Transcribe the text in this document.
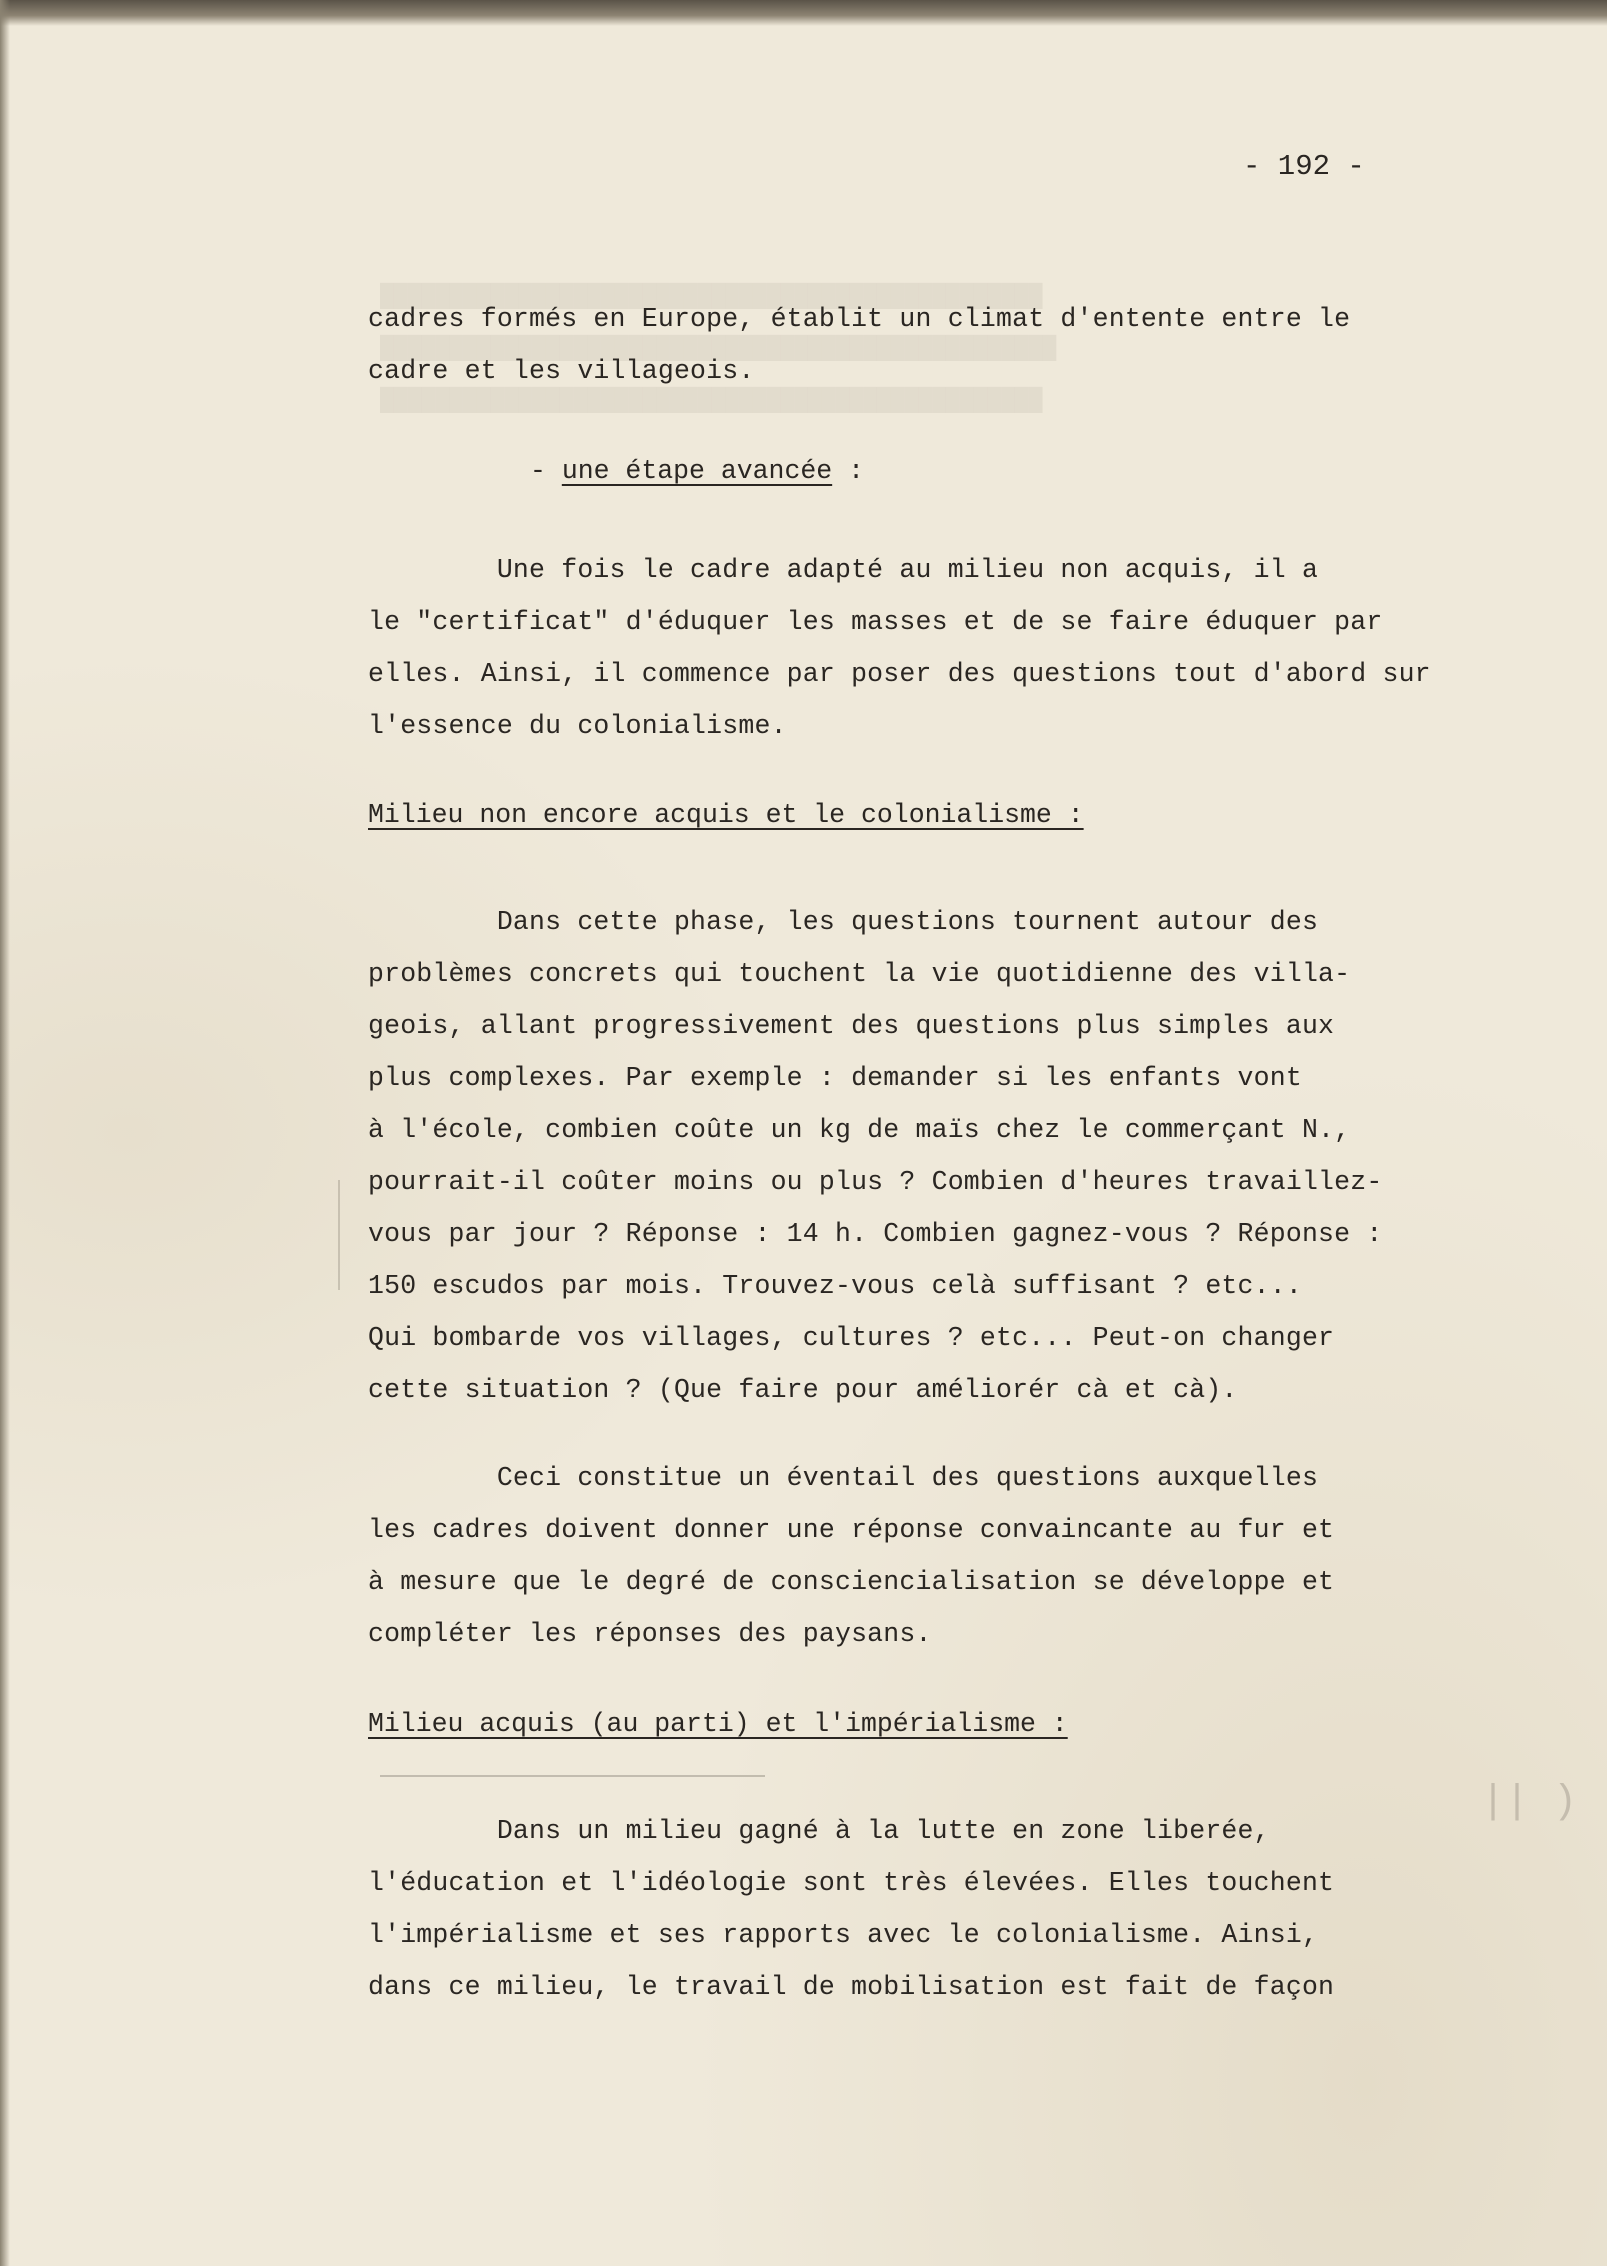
████████████████████████████████████████████████
█████████████████████████████████████████████████
████████████████████████████████████████████████
|| )
- 192 -
cadres formés en Europe, établit un climat d'entente entre le
cadre et les villageois.
- une étape avancée :
Une fois le cadre adapté au milieu non acquis, il a
le "certificat" d'éduquer les masses et de se faire éduquer par
elles. Ainsi, il commence par poser des questions tout d'abord sur
l'essence du colonialisme.
Milieu non encore acquis et le colonialisme :
Dans cette phase, les questions tournent autour des
problèmes concrets qui touchent la vie quotidienne des villa-
geois, allant progressivement des questions plus simples aux
plus complexes. Par exemple : demander si les enfants vont
à l'école, combien coûte un kg de maïs chez le commerçant N.,
pourrait-il coûter moins ou plus ? Combien d'heures travaillez-
vous par jour ? Réponse : 14 h. Combien gagnez-vous ? Réponse :
150 escudos par mois. Trouvez-vous celà suffisant ? etc...
Qui bombarde vos villages, cultures ? etc... Peut-on changer
cette situation ? (Que faire pour améliorér cà et cà).
Ceci constitue un éventail des questions auxquelles
les cadres doivent donner une réponse convaincante au fur et
à mesure que le degré de consciencialisation se développe et
compléter les réponses des paysans.
Milieu acquis (au parti) et l'impérialisme :
Dans un milieu gagné à la lutte en zone liberée,
l'éducation et l'idéologie sont très élevées. Elles touchent
l'impérialisme et ses rapports avec le colonialisme. Ainsi,
dans ce milieu, le travail de mobilisation est fait de façon
